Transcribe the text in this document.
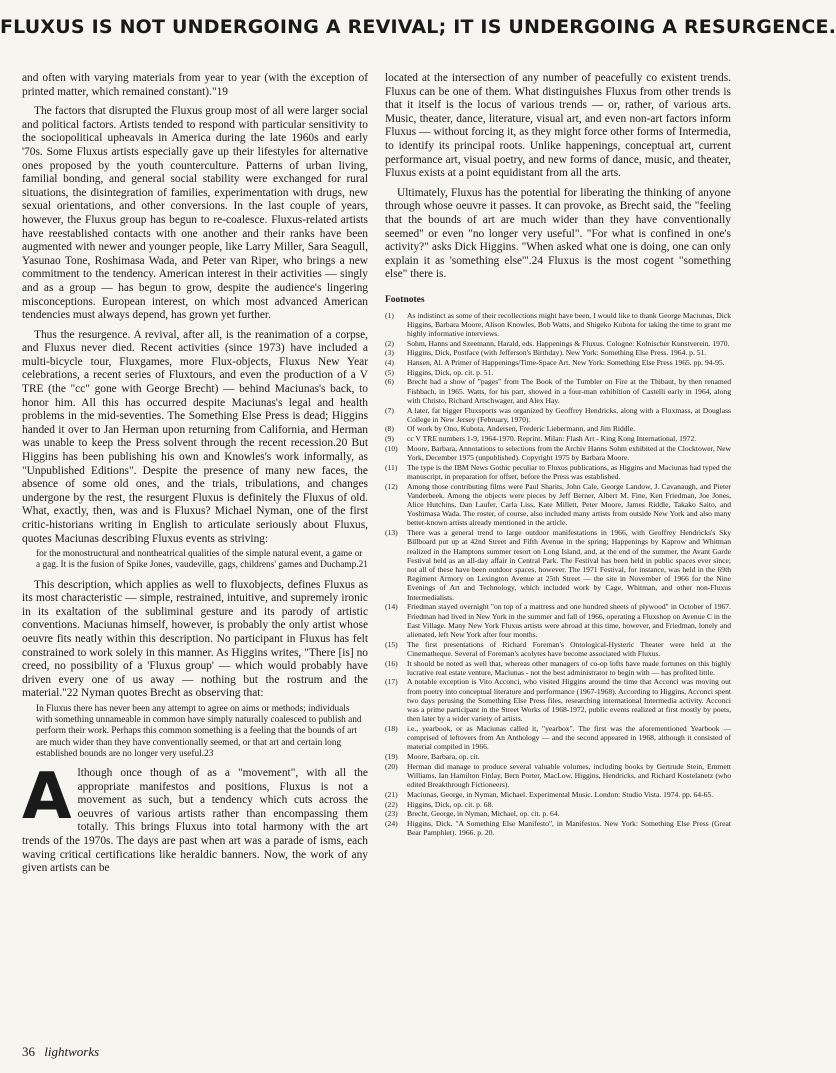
FLUXUS IS NOT UNDERGOING A REVIVAL; IT IS UNDERGOING A RESURGENCE.

and often with varying materials from year to year (with the exception of printed matter, which remained constant)."19

The factors that disrupted the Fluxus group most of all were larger social and political factors. Artists tended to respond with particular sensitivity to the sociopolitical upheavals in America during the late 1960s and early '70s. Some Fluxus artists especially gave up their lifestyles for alternative ones proposed by the youth counterculture. Patterns of urban living, familial bonding, and general social stability were exchanged for rural situations, the disintegration of families, experimentation with drugs, new sexual orientations, and other conversions. In the last couple of years, however, the Fluxus group has begun to re-coalesce. Fluxus-related artists have reestablished contacts with one another and their ranks have been augmented with newer and younger people, like Larry Miller, Sara Seagull, Yasunao Tone, Roshimasa Wada, and Peter van Riper, who brings a new commitment to the tendency. American interest in their activities — singly and as a group — has begun to grow, despite the audience's lingering misconceptions. European interest, on which most advanced American tendencies must always depend, has grown yet further.

Thus the resurgence. A revival, after all, is the reanimation of a corpse, and Fluxus never died. Recent activities (since 1973) have included a multi-bicycle tour, Fluxgames, more Flux-objects, Fluxus New Year celebrations, a recent series of Fluxtours, and even the production of a V TRE (the "cc" gone with George Brecht) — behind Maciunas's back, to honor him. All this has occurred despite Maciunas's legal and health problems in the mid-seventies. The Something Else Press is dead; Higgins handed it over to Jan Herman upon returning from California, and Herman was unable to keep the Press solvent through the recent recession.20 But Higgins has been publishing his own and Knowles's work informally, as "Unpublished Editions". Despite the presence of many new faces, the absence of some old ones, and the trials, tribulations, and changes undergone by the rest, the resurgent Fluxus is definitely the Fluxus of old. What, exactly, then, was and is Fluxus? Michael Nyman, one of the first critic-historians writing in English to articulate seriously about Fluxus, quotes Maciunas describing Fluxus events as striving:

for the monostructural and nontheatrical qualities of the simple natural event, a game or a gag. It is the fusion of Spike Jones, vaudeville, gags, childrens' games and Duchamp.21

This description, which applies as well to fluxobjects, defines Fluxus as its most characteristic — simple, restrained, intuitive, and supremely ironic in its exaltation of the subliminal gesture and its parody of artistic conventions. Maciunas himself, however, is probably the only artist whose oeuvre fits neatly within this description. No participant in Fluxus has felt constrained to work solely in this manner. As Higgins writes, "There [is] no creed, no possibility of a 'Fluxus group' — which would probably have driven every one of us away — nothing but the rostrum and the material."22 Nyman quotes Brecht as observing that:

In Fluxus there has never been any attempt to agree on aims or methods; individuals with something unnameable in common have simply naturally coalesced to publish and perform their work. Perhaps this common something is a feeling that the bounds of art are much wider than they have conventionally seemed, or that art and certain long established bounds are no longer very useful.23
A lthough once though of as a "movement", with all the appropriate manifestos and positions, Fluxus is not a movement as such, but a tendency which cuts across the oeuvres of various artists rather than encompassing them totally. This brings Fluxus into total harmony with the art trends of the 1970s. The days are past when art was a parade of isms, each waving critical certifications like heraldic banners. Now, the work of any given artists can be

located at the intersection of any number of peacefully co existent trends. Fluxus can be one of them. What distinguishes Fluxus from other trends is that it itself is the locus of various trends — or, rather, of various arts. Music, theater, dance, literature, visual art, and even non-art factors inform Fluxus — without forcing it, as they might force other forms of Intermedia, to identify its principal roots. Unlike happenings, conceptual art, current performance art, visual poetry, and new forms of dance, music, and theater, Fluxus exists at a point equidistant from all the arts.

Ultimately, Fluxus has the potential for liberating the thinking of anyone through whose oeuvre it passes. It can provoke, as Brecht said, the "feeling that the bounds of art are much wider than they have conventionally seemed" or even "no longer very useful". "For what is confined in one's activity?" asks Dick Higgins. "When asked what one is doing, one can only explain it as 'something else'".24 Fluxus is the most cogent "something else" there is.

Footnotes
(1)	As indistinct as some of their recollections might have been, I would like to thank George Maciunas, Dick Higgins, Barbara Moore, Alison Knowles, Bob Watts, and Shigeko Kubota for taking the time to grant me highly informative interviews.
(2)	Sohm, Hanns and Szeemann, Harald, eds. Happenings & Fluxus. Cologne: Kolnischer Kunstverein. 1970.
(3)	Higgins, Dick, Postface (with Jefferson's Birthday). New York: Something Else Press. 1964. p. 51.
(4)	Hansen, Al. A Primer of Happenings/Time-Space Art. New York: Something Else Press 1965. pp. 94-95.
(5)	Higgins, Dick, op. cit. p. 51.
(6)	Brecht had a show of "pages" from The Book of the Tumbler on Fire at the Thibaut, by then renamed Fishbach, in 1965. Watts, for his part, showed in a four-man exhibition of Castelli early in 1964, along with Christo, Richard Artschwager, and Alex Hay.
(7)	A later, far bigger Fluxsports was organized by Geoffrey Hendricks, along with a Fluxmass, at Douglass College in New Jersey (February, 1970).
(8)	Of work by Ono, Kubota, Andersen, Frederic Liebermann, and Jim Riddle.
(9)	cc V TRE numbers 1-9, 1964-1970. Reprint. Milan: Flash Art - King Kong International, 1972.
(10)	Moore, Barbara, Annotations to selections from the Archiv Hanns Sohm exhibited at the Clocktower, New York, December 1975 (unpublished). Copyright 1975 by Barbara Moore.
(11)	The type is the IBM News Gothic peculiar to Fluxus publications, as Higgins and Maciunas had typed the manuscript, in preparation for offset, before the Press was established.
(12)	Among those contributing films were Paul Sharits, John Cale, George Landow, J. Cavanaugh, and Pieter Vanderbeek. Among the objects were pieces by Jeff Berner, Albert M. Fine, Ken Friedman, Joe Jones, Alice Hutchins, Dan Laufer, Carla Liss, Kate Millett, Peter Moore, James Riddle, Takako Saito, and Yoshimasa Wada. The roster, of course, also included many artists from outside New York and also many better-known artists already mentioned in the article.
(13)	There was a general trend to large outdoor manifestations in 1966, with Geoffrey Hendricks's Sky Billboard put up at 42nd Street and Fifth Avenue in the spring; Happenings by Kaprow and Whitman realized in the Hamptons summer resort on Long Island, and, at the end of the summer, the Avant Garde Festival held as an all-day affair in Central Park. The Festival has been held in public spaces ever since; not all of these have been outdoor spaces, however. The 1971 Festival, for instance, was held in the 69th Regiment Armory on Lexington Avenue at 25th Street — the site in November of 1966 for the Nine Evenings of Art and Technology, which included work by Cage, Whitman, and other non-Fluxus Intermedialists.
(14)	Friedman stayed overnight "on top of a mattress and one hundred sheets of plywood" in October of 1967. Friedman had lived in New York in the summer and fall of 1966, operating a Fluxshop on Avenue C in the East Village. Many New York Fluxus artists were abroad at this time, however, and Friedman, lonely and alienated, left New York after four months.
(15)	The first presentations of Richard Foreman's Ontological-Hysteric Theater were held at the Cinematheque. Several of Foreman's acolytes have become associated with Fluxus.
(16)	It should be noted as well that, whereas other managers of co-op lofts have made fortunes on this highly lucrative real estate venture, Maciunas - not the best administrator to begin with — has profited little.
(17)	A notable exception is Vito Acconci, who visited Higgins around the time that Acconci was moving out from poetry into conceptual literature and performance (1967-1968). According to Higgins, Acconci spent two days perusing the Something Else Press files, researching international Intermedia activity. Acconci was a prime participant in the Street Works of 1968-1972, public events realized at first mostly by poets, then later by a wider variety of artists.
(18)	i.e., yearbook, or as Maciunas called it, "yearbox". The first was the aforementioned Yearbook — comprised of leftovers from An Anthology — and the second appeared in 1968, although it consisted of material compiled in 1966.
(19)	Moore, Barbara, op. cit.
(20)	Herman did manage to produce several valuable volumes, including books by Gertrude Stein, Emmett Williams, Ian Hamilton Finlay, Bern Porter, MacLow, Higgins, Hendricks, and Richard Kostelanetz (who edited Breakthrough Fictioneers).
(21)	Maciunas, George, in Nyman, Michael. Experimental Music. London: Studio Vista. 1974. pp. 64-65.
(22)	Higgins, Dick, op. cit. p. 68.
(23)	Brecht, George, in Nyman, Michael, op. cit. p. 64.
(24)	Higgins, Dick. "A Something Else Manifesto", in Manifestos. New York: Something Else Press (Great Bear Pamphlet). 1966. p. 20.
36 lightworks
